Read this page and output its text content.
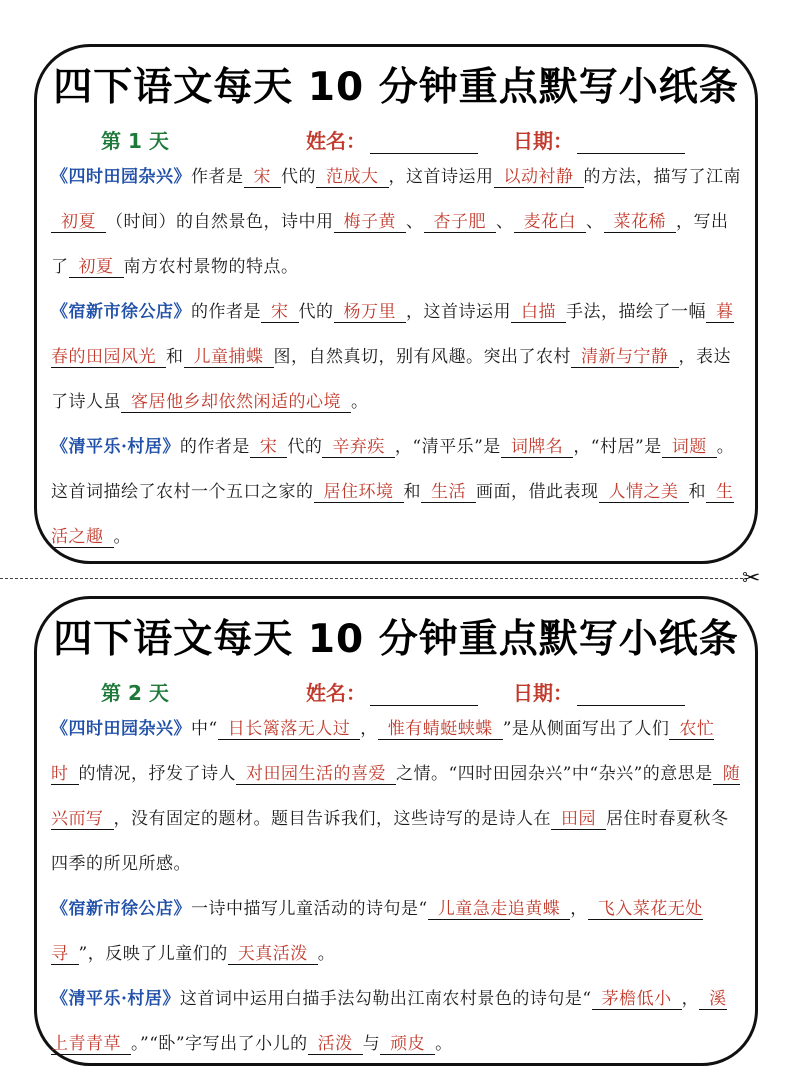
四下语文每天 10 分钟重点默写小纸条
第 1 天	姓名：	日期：

《四时田园杂兴》作者是 宋 代的 范成大 ，这首诗运用 以动衬静 的方法，描写了江南初夏 （时间）的自然景色，诗中用 梅子黄 、 杏子肥 、 麦花白 、 菜花稀 ，写出了 初夏 南方农村景物的特点。

《宿新市徐公店》的作者是 宋 代的 杨万里 ，这首诗运用 白描 手法，描绘了一幅 暮春的田园风光 和 儿童捕蝶 图，自然真切，别有风趣。突出了农村 清新与宁静 ，表达了诗人虽 客居他乡却依然闲适的心境 。

《清平乐·村居》的作者是 宋 代的 辛弃疾 ，“清平乐”是 词牌名 ，“村居”是 词题 。这首词描绘了农村一个五口之家的 居住环境 和 生活 画面，借此表现 人情之美 和 生活之趣 。

✂
四下语文每天 10 分钟重点默写小纸条
第 2 天	姓名：	日期：

《四时田园杂兴》中“ 日长篱落无人过 ， 惟有蜻蜓蛱蝶 ”是从侧面写出了人们 农忙时 的情况，抒发了诗人 对田园生活的喜爱 之情。“四时田园杂兴”中“杂兴”的意思是 随兴而写 ，没有固定的题材。题目告诉我们，这些诗写的是诗人在 田园 居住时春夏秋冬四季的所见所感。

《宿新市徐公店》一诗中描写儿童活动的诗句是“ 儿童急走追黄蝶 ， 飞入菜花无处寻 ”，反映了儿童们的 天真活泼 。

《清平乐·村居》这首词中运用白描手法勾勒出江南农村景色的诗句是“ 茅檐低小 ， 溪上青青草 。”“卧”字写出了小儿的 活泼 与 顽皮 。
